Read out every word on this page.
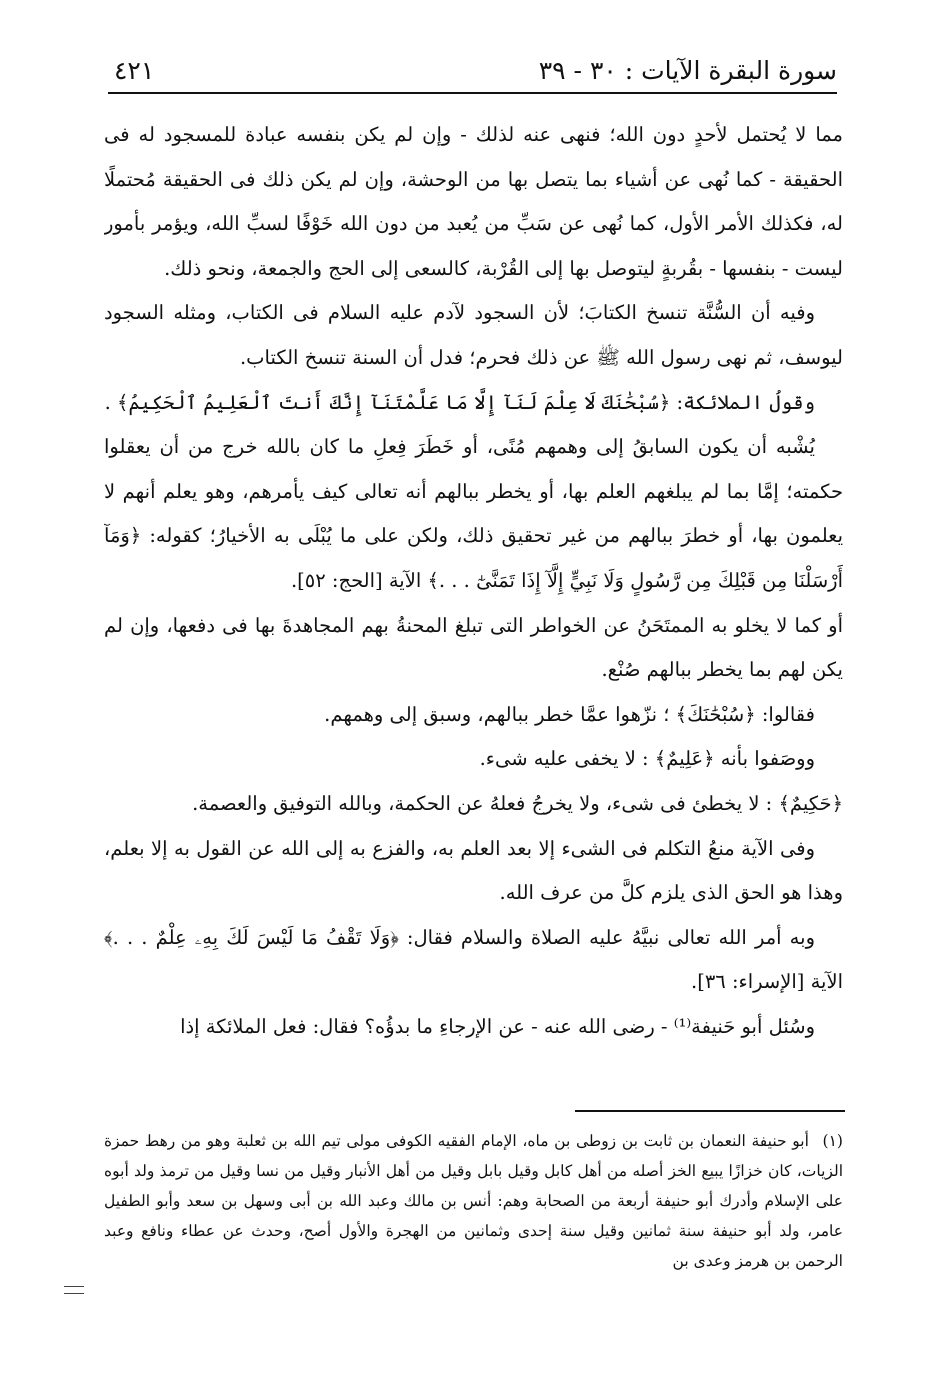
سورة البقرة الآيات : ٣٠ - ٣٩
٤٢١

مما لا يُحتمل لأحدٍ دون الله؛ فنهى عنه لذلك - وإن لم يكن بنفسه عبادة للمسجود له فى الحقيقة - كما نُهى عن أشياء بما يتصل بها من الوحشة، وإن لم يكن ذلك فى الحقيقة مُحتملًا له، فكذلك الأمر الأول، كما نُهى عن سَبِّ من يُعبد من دون الله خَوْفًا لسبِّ الله، ويؤمر بأمور ليست - بنفسها - بقُربةٍ ليتوصل بها إلى القُرْبة، كالسعى إلى الحج والجمعة، ونحو ذلك.

وفيه أن السُّنَّة تنسخ الكتابَ؛ لأن السجود لآدم عليه السلام فى الكتاب، ومثله السجود ليوسف، ثم نهى رسول الله ﷺ عن ذلك فحرم؛ فدل أن السنة تنسخ الكتاب.

وقولُ الملائكة: ﴿سُبْحَٰنَكَ لَا عِلْمَ لَنَآ إِلَّا مَا عَلَّمْتَنَآ إِنَّكَ أَنتَ ٱلْعَلِيمُ ٱلْحَكِيمُ﴾ .

يُشْبه أن يكون السابقُ إلى وهمهم مُنًى، أو خَطَرَ فِعلِ ما كان بالله خرج من أن يعقلوا حكمته؛ إمَّا بما لم يبلغهم العلم بها، أو يخطر ببالهم أنه تعالى كيف يأمرهم، وهو يعلم أنهم لا يعلمون بها، أو خطرَ ببالهم من غير تحقيق ذلك، ولكن على ما يُبْلَى به الأخيارُ؛ كقوله: ﴿وَمَآ أَرْسَلْنَا مِن قَبْلِكَ مِن رَّسُولٍ وَلَا نَبِيٍّ إِلَّآ إِذَا تَمَنَّىٰٓ . . .﴾ الآية [الحج: ٥٢].

أو كما لا يخلو به الممتَحَنُ عن الخواطر التى تبلغ المحنةُ بهم المجاهدةَ بها فى دفعها، وإن لم يكن لهم بما يخطر ببالهم صُنْع.

فقالوا: ﴿سُبْحَٰنَكَ﴾ ؛ نزّهوا عمَّا خطر ببالهم، وسبق إلى وهمهم.

ووصَفوا بأنه ﴿عَلِيمٌ﴾ : لا يخفى عليه شىء.

﴿حَكِيمٌ﴾ : لا يخطئ فى شىء، ولا يخرجُ فعلهُ عن الحكمة، وبالله التوفيق والعصمة.

وفى الآية منعُ التكلم فى الشىء إلا بعد العلم به، والفزع به إلى الله عن القول به إلا بعلم، وهذا هو الحق الذى يلزم كلَّ من عرف الله.

وبه أمر الله تعالى نبيَّهُ عليه الصلاة والسلام فقال: ﴿وَلَا تَقْفُ مَا لَيْسَ لَكَ بِهِۦ عِلْمٌ . . .﴾ الآية [الإسراء: ٣٦].

وسُئل أبو حَنيفة⁽¹⁾ - رضى الله عنه - عن الإرجاءِ ما بدؤُه؟ فقال: فعل الملائكة إذا

(١) أبو حنيفة النعمان بن ثابت بن زوطى بن ماه، الإمام الفقيه الكوفى مولى تيم الله بن ثعلبة وهو من رهط حمزة الزيات، كان خزازًا يبيع الخز أصله من أهل كابل وقيل بابل وقيل من أهل الأنبار وقيل من نسا وقيل من ترمذ ولد أبوه على الإسلام وأدرك أبو حنيفة أربعة من الصحابة وهم: أنس بن مالك وعبد الله بن أبى وسهل بن سعد وأبو الطفيل عامر، ولد أبو حنيفة سنة ثمانين وقيل سنة إحدى وثمانين من الهجرة والأول أصح، وحدث عن عطاء ونافع وعبد الرحمن بن هرمز وعدى بن
